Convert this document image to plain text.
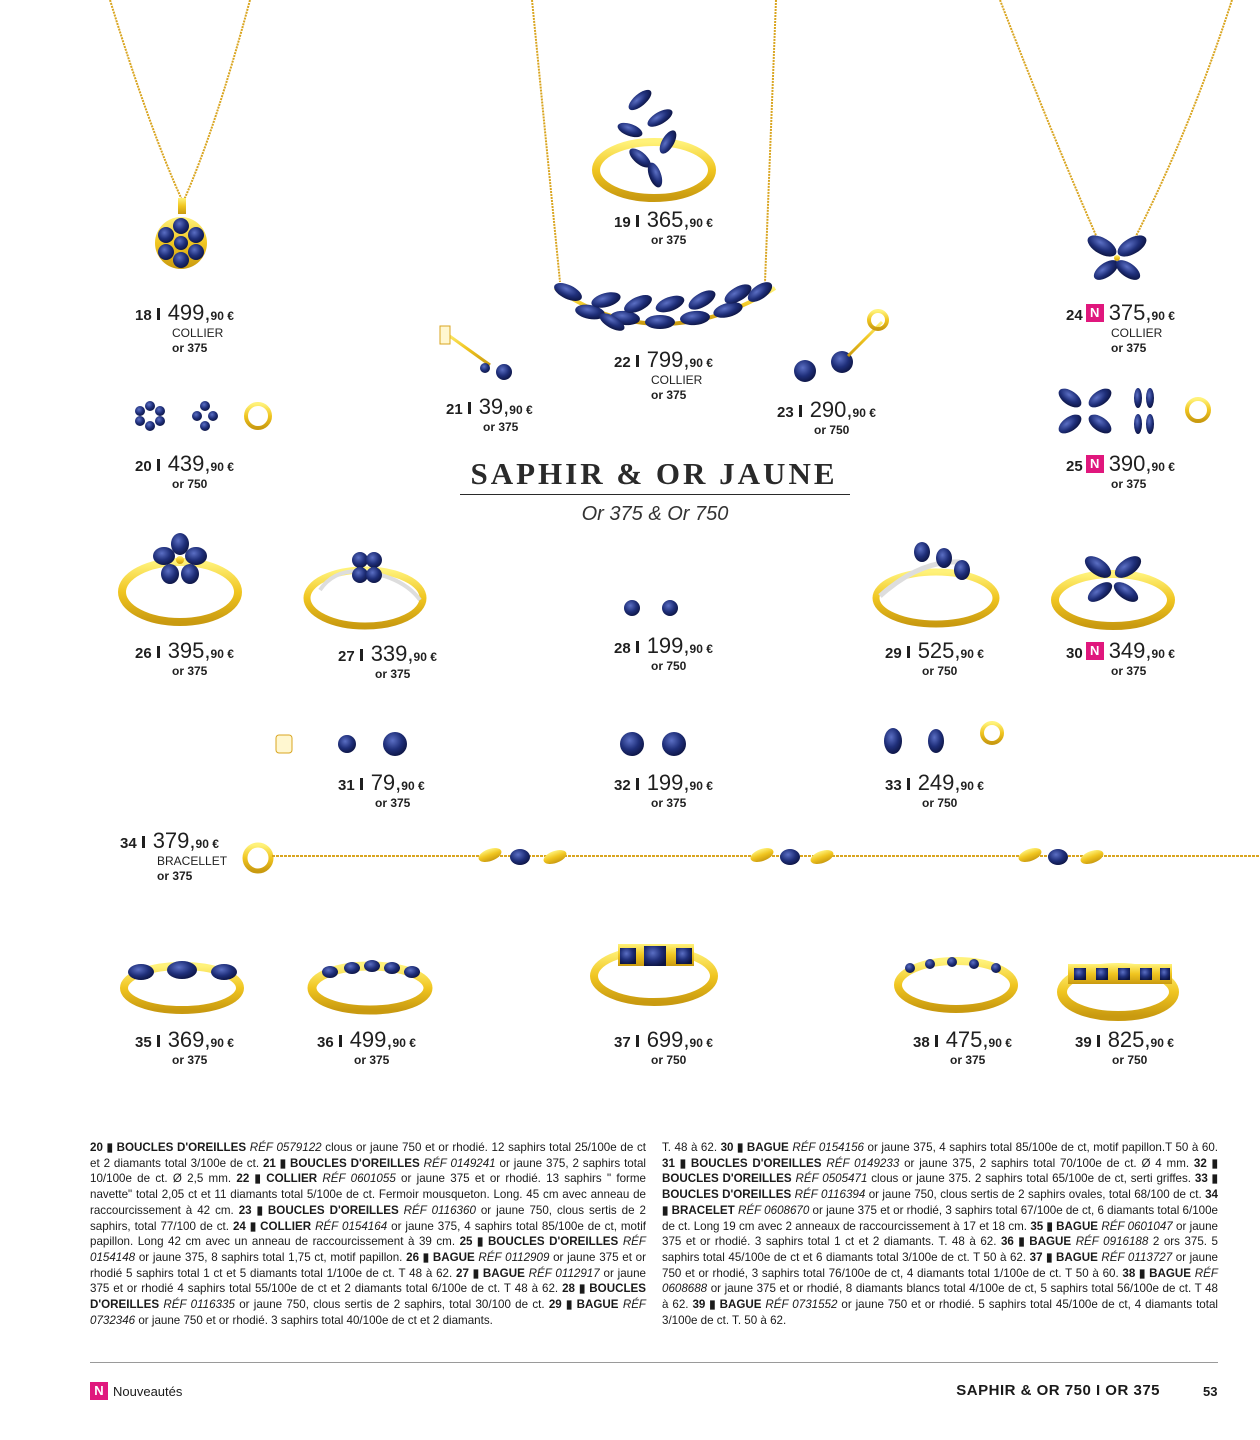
18 499, 90 €
COLLIER
or 375
19 365, 90 €
or 375
20 439, 90 €
or 750
21 39, 90 €
or 375
22 799, 90 €
COLLIER
or 375
23 290, 90 €
or 750
24 N 375, 90 €
COLLIER
or 375
25 N 390, 90 €
or 375
26 395, 90 €
or 375
27 339, 90 €
or 375
28 199, 90 €
or 750
29 525, 90 €
or 750
30 N 349, 90 €
or 375
31 79, 90 €
or 375
32 199, 90 €
or 375
33 249, 90 €
or 750
34 379, 90 €
BRACELLET
or 375
35 369, 90 €
or 375
36 499, 90 €
or 375
37 699, 90 €
or 750
38 475, 90 €
or 375
39 825, 90 €
or 750
SAPHIR & OR JAUNE
Or 375 & Or 750
20 ▮ BOUCLES D'OREILLES RÉF 0579122 clous or jaune 750 et or rhodié. 12 saphirs total 25/100e de ct et 2 diamants total 3/100e de ct. 21 ▮ BOUCLES D'OREILLES RÉF 0149241 or jaune 375, 2 saphirs total 10/100e de ct. Ø 2,5 mm. 22 ▮ COLLIER RÉF 0601055 or jaune 375 et or rhodié. 13 saphirs " forme navette" total 2,05 ct et 11 diamants total 5/100e de ct. Fermoir mousqueton. Long. 45 cm avec anneau de raccourcissement à 42 cm. 23 ▮ BOUCLES D'OREILLES RÉF 0116360 or jaune 750, clous sertis de 2 saphirs, total 77/100 de ct. 24 ▮ COLLIER RÉF 0154164 or jaune 375, 4 saphirs total 85/100e de ct, motif papillon. Long 42 cm avec un anneau de raccourcissement à 39 cm. 25 ▮ BOUCLES D'OREILLES RÉF 0154148 or jaune 375, 8 saphirs total 1,75 ct, motif papillon. 26 ▮ BAGUE RÉF 0112909 or jaune 375 et or rhodié 5 saphirs total 1 ct et 5 diamants total 1/100e de ct. T 48 à 62. 27 ▮ BAGUE RÉF 0112917 or jaune 375 et or rhodié 4 saphirs total 55/100e de ct et 2 diamants total 6/100e de ct. T 48 à 62. 28 ▮ BOUCLES D'OREILLES RÉF 0116335 or jaune 750, clous sertis de 2 saphirs, total 30/100 de ct. 29 ▮ BAGUE RÉF 0732346 or jaune 750 et or rhodié. 3 saphirs total 40/100e de ct et 2 diamants.
T. 48 à 62. 30 ▮ BAGUE RÉF 0154156 or jaune 375, 4 saphirs total 85/100e de ct, motif papillon.T 50 à 60. 31 ▮ BOUCLES D'OREILLES RÉF 0149233 or jaune 375, 2 saphirs total 70/100e de ct. Ø 4 mm. 32 ▮ BOUCLES D'OREILLES RÉF 0505471 clous or jaune 375. 2 saphirs total 65/100e de ct, serti griffes. 33 ▮ BOUCLES D'OREILLES RÉF 0116394 or jaune 750, clous sertis de 2 saphirs ovales, total 68/100 de ct. 34 ▮ BRACELET RÉF 0608670 or jaune 375 et or rhodié, 3 saphirs total 67/100e de ct, 6 diamants total 6/100e de ct. Long 19 cm avec 2 anneaux de raccourcissement à 17 et 18 cm. 35 ▮ BAGUE RÉF 0601047 or jaune 375 et or rhodié. 3 saphirs total 1 ct et 2 diamants. T. 48 à 62. 36 ▮ BAGUE RÉF 0916188 2 ors 375. 5 saphirs total 45/100e de ct et 6 diamants total 3/100e de ct. T 50 à 62. 37 ▮ BAGUE RÉF 0113727 or jaune 750 et or rhodié, 3 saphirs total 76/100e de ct, 4 diamants total 1/100e de ct. T 50 à 60. 38 ▮ BAGUE RÉF 0608688 or jaune 375 et or rhodié, 8 diamants blancs total 4/100e de ct, 5 saphirs total 56/100e de ct. T 48 à 62. 39 ▮ BAGUE RÉF 0731552 or jaune 750 et or rhodié. 5 saphirs total 45/100e de ct, 4 diamants total 3/100e de ct. T. 50 à 62.
N Nouveautés	SAPHIR & OR 750 I OR 375	53
